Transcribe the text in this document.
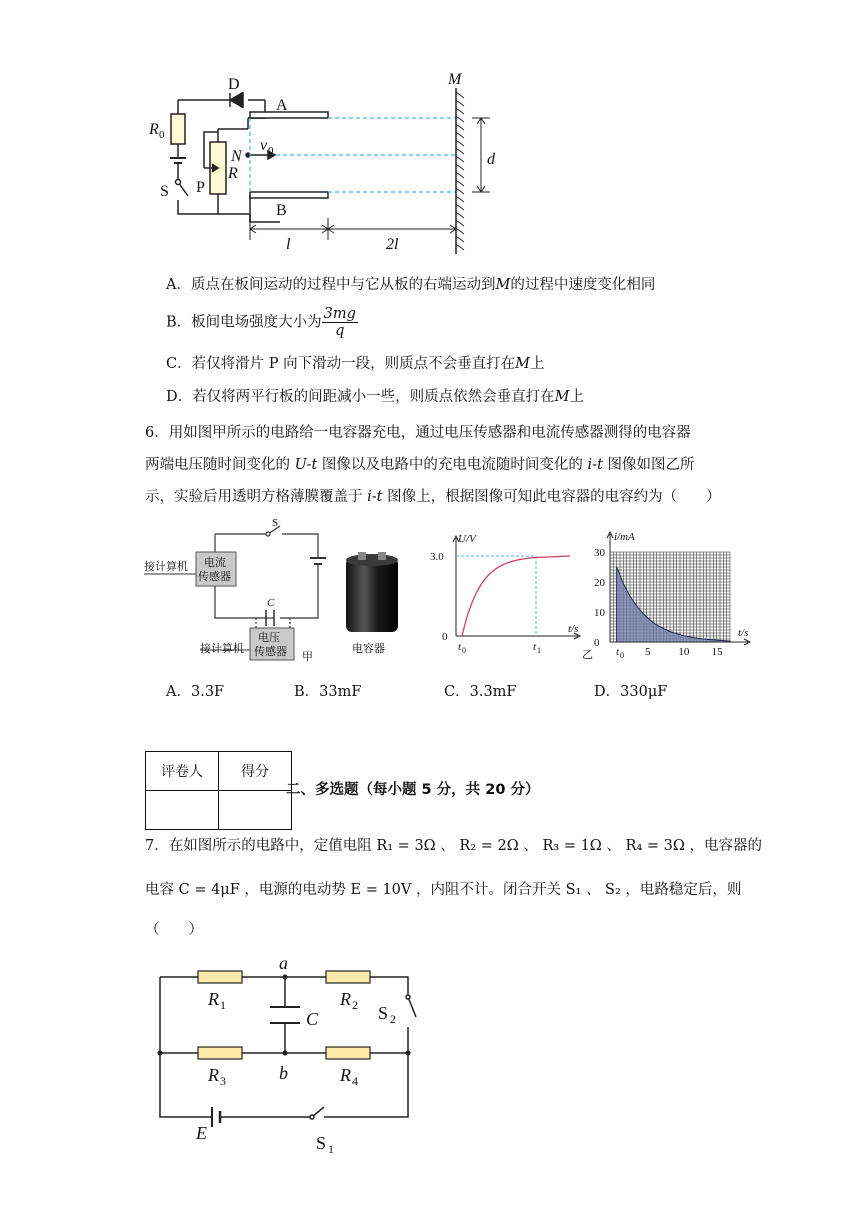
D
A
B
M
R 0
N
R
P
S
v 0	d
l	2l
A．质点在板间运动的过程中与它从板的右端运动到M的过程中速度变化相同
B．板间电场强度大小为 $\frac{3mg}{q}$
C．若仅将滑片 P 向下滑动一段，则质点不会垂直打在M上
D．若仅将两平行板的间距减小一些，则质点依然会垂直打在M上
6．用如图甲所示的电路给一电容器充电，通过电压传感器和电流传感器测得的电容器
两端电压随时间变化的 U-t 图像以及电路中的充电电流随时间变化的 i-t 图像如图乙所
示，实验后用透明方格薄膜覆盖于 i-t 图像上，根据图像可知此电容器的电容约为（　　）
S
电流
传感器
接计算机
C
电压
传感器
接计算机
甲
电容器
U/V
3.0
0
t/s
t 0	t 1
i/mA
t/s
0
10
20
30
5	10 15
t 0
乙
A．3.3F	B．33mF	C．3.3mF	D．330μF
评卷人	得分

二、多选题（每小题 5 分，共 20 分）
7．在如图所示的电路中，定值电阻 R₁ = 3Ω 、 R₂ = 2Ω 、 R₃ = 1Ω 、 R₄ = 3Ω ，电容器的
电容 C = 4μF ，电源的电动势 E = 10V ，内阻不计。闭合开关 S₁ 、 S₂ ，电路稳定后，则
（　　）
a
b
R 1	R 2
R 3	R 4
C	S 2
S 1
E
